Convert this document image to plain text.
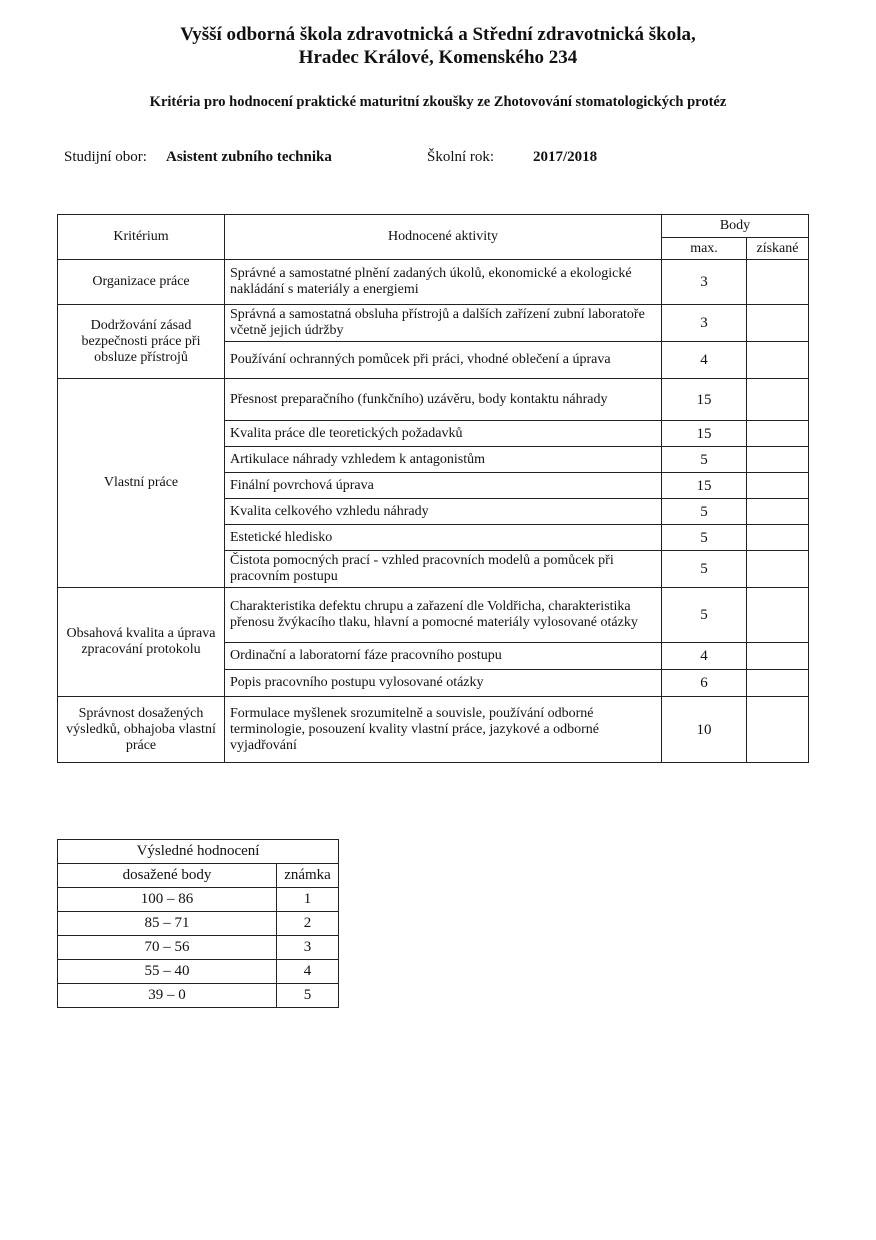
Vyšší odborná škola zdravotnická a Střední zdravotnická škola,
Hradec Králové, Komenského 234
Kritéria pro hodnocení praktické maturitní zkoušky ze Zhotovování stomatologických protéz
Studijní obor: Asistent zubního technika	Školní rok:	2017/2018
Kritérium	Hodnocené aktivity	Body	
		max.	získané
Organizace práce	Správné a samostatné plnění zadaných úkolů, ekonomické a ekologické nakládání s materiály a energiemi	3	
Dodržování zásad bezpečnosti práce při obsluze přístrojů	Správná a samostatná obsluha přístrojů a dalších zařízení zubní laboratoře včetně jejich údržby	3	
	Používání ochranných pomůcek při práci, vhodné oblečení a úprava	4	
Vlastní práce	Přesnost preparačního (funkčního) uzávěru, body kontaktu náhrady	15	
	Kvalita práce dle teoretických požadavků	15	
	Artikulace náhrady vzhledem k antagonistům	5	
	Finální povrchová úprava	15	
	Kvalita celkového vzhledu náhrady	5	
	Estetické hledisko	5	
	Čistota pomocných prací - vzhled pracovních modelů a pomůcek při pracovním postupu	5	
Obsahová kvalita a úprava zpracování protokolu	Charakteristika defektu chrupu a zařazení dle Voldřicha, charakteristika přenosu žvýkacího tlaku, hlavní a pomocné materiály vylosované otázky	5	
	Ordinační a laboratorní fáze pracovního postupu	4	
	Popis pracovního postupu vylosované otázky	6	
Správnost dosažených výsledků, obhajoba vlastní práce	Formulace myšlenek srozumitelně a souvisle, používání odborné terminologie, posouzení kvality vlastní práce, jazykové a odborné vyjadřování	10	
Výsledné hodnocení	
dosažené body	známka
100 – 86	1
85 – 71	2
70 – 56	3
55 – 40	4
39 – 0	5
